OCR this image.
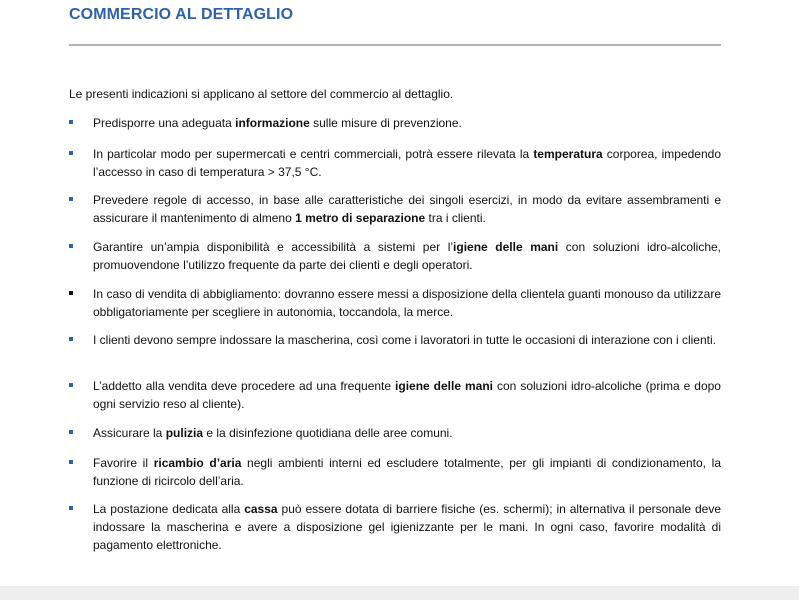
COMMERCIO AL DETTAGLIO
Le presenti indicazioni si applicano al settore del commercio al dettaglio.
Predisporre una adeguata informazione sulle misure di prevenzione.
In particolar modo per supermercati e centri commerciali, potrà essere rilevata la temperatura corporea, impedendo l’accesso in caso di temperatura > 37,5 °C.
Prevedere regole di accesso, in base alle caratteristiche dei singoli esercizi, in modo da evitare assembramenti e assicurare il mantenimento di almeno 1 metro di separazione tra i clienti.
Garantire un’ampia disponibilità e accessibilità a sistemi per l’igiene delle mani con soluzioni idro-alcoliche, promuovendone l’utilizzo frequente da parte dei clienti e degli operatori.
In caso di vendita di abbigliamento: dovranno essere messi a disposizione della clientela guanti monouso da utilizzare obbligatoriamente per scegliere in autonomia, toccandola, la merce.
I clienti devono sempre indossare la mascherina, così come i lavoratori in tutte le occasioni di interazione con i clienti.
L’addetto alla vendita deve procedere ad una frequente igiene delle mani con soluzioni idro-alcoliche (prima e dopo ogni servizio reso al cliente).
Assicurare la pulizia e la disinfezione quotidiana delle aree comuni.
Favorire il ricambio d’aria negli ambienti interni ed escludere totalmente, per gli impianti di condizionamento, la funzione di ricircolo dell’aria.
La postazione dedicata alla cassa può essere dotata di barriere fisiche (es. schermi); in alternativa il personale deve indossare la mascherina e avere a disposizione gel igienizzante per le mani. In ogni caso, favorire modalità di pagamento elettroniche.
